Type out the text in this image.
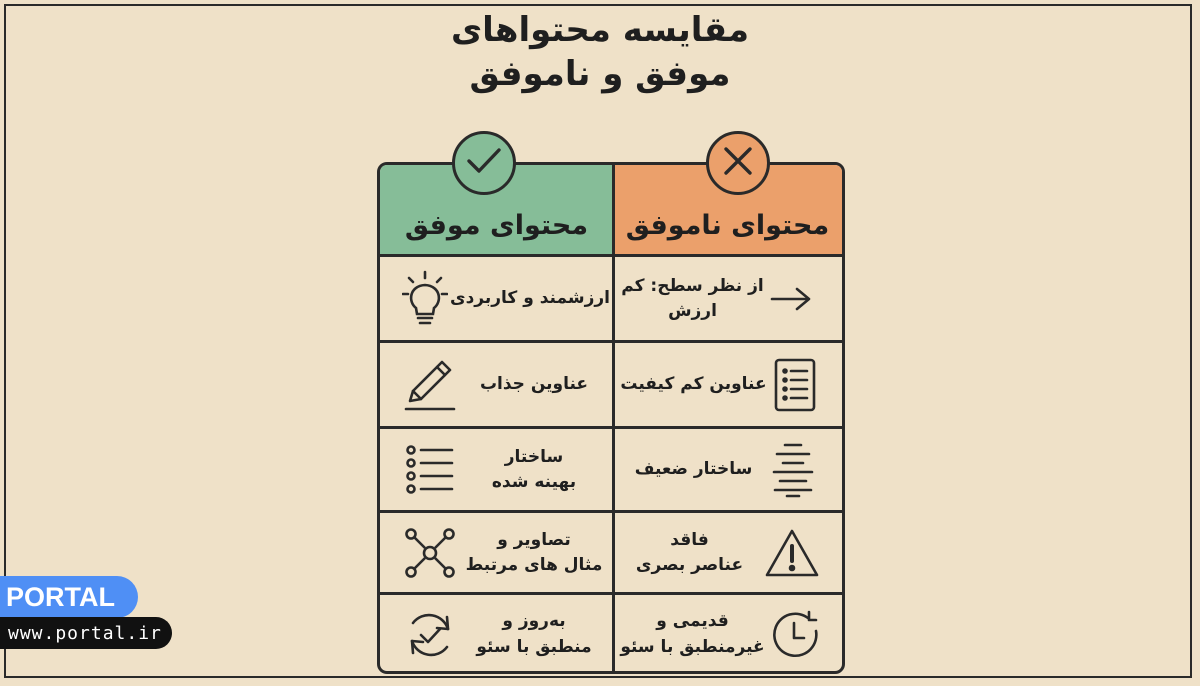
مقایسه محتواهای
موفق و ناموفق
محتوای موفق محتوای ناموفق
ارزشمند و کاربردی
از نظر سطح: کم ارزش
عناوین جذاب	عناوین کم کیفیت
ساختار
بهینه شده
ساختار ضعیف
تصاویر و
مثال های مرتبط
فاقد
عناصر بصری
به‌روز و
منطبق با سئو
قدیمی و
غیرمنطبق با سئو
PORTAL
www.portal.ir
